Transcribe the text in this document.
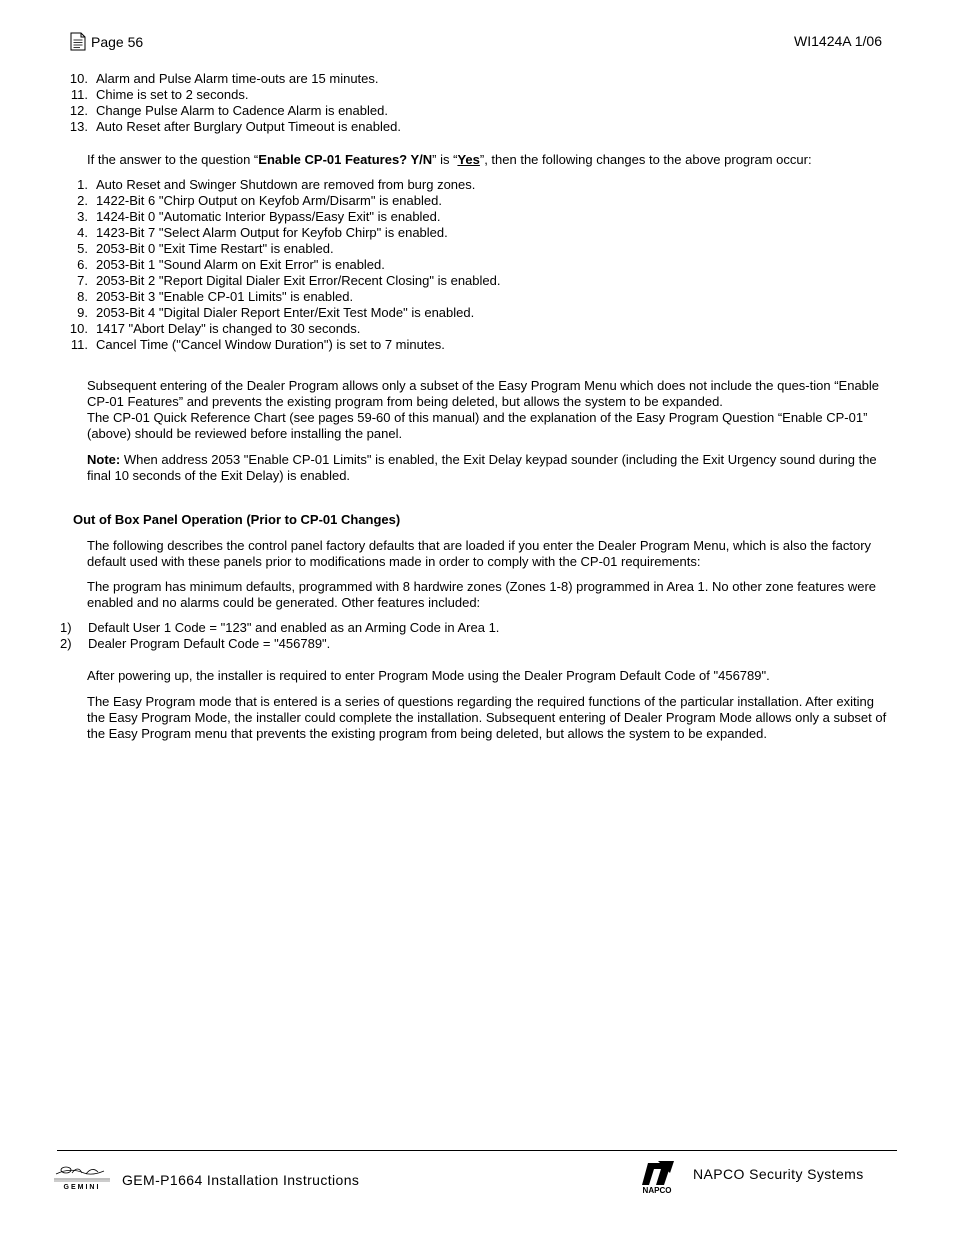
Page 56	WI1424A 1/06
10. Alarm and Pulse Alarm time-outs are 15 minutes.
11. Chime is set to 2 seconds.
12. Change Pulse Alarm to Cadence Alarm is enabled.
13. Auto Reset after Burglary Output Timeout is enabled.

If the answer to the question “Enable CP-01 Features? Y/N” is “Yes”, then the following changes to the above program occur:

1. Auto Reset and Swinger Shutdown are removed from burg zones.
2. 1422-Bit 6 "Chirp Output on Keyfob Arm/Disarm" is enabled.
3. 1424-Bit 0 "Automatic Interior Bypass/Easy Exit" is enabled.
4. 1423-Bit 7 "Select Alarm Output for Keyfob Chirp" is enabled.
5. 2053-Bit 0 "Exit Time Restart" is enabled.
6. 2053-Bit 1 "Sound Alarm on Exit Error" is enabled.
7. 2053-Bit 2 "Report Digital Dialer Exit Error/Recent Closing" is enabled.
8. 2053-Bit 3 "Enable CP-01 Limits" is enabled.
9. 2053-Bit 4 "Digital Dialer Report Enter/Exit Test Mode" is enabled.
10. 1417 "Abort Delay" is changed to 30 seconds.
11. Cancel Time ("Cancel Window Duration") is set to 7 minutes.

Subsequent entering of the Dealer Program allows only a subset of the Easy Program Menu which does not include the ques-tion “Enable CP-01 Features” and prevents the existing program from being deleted, but allows the system to be expanded.

The CP-01 Quick Reference Chart (see pages 59-60 of this manual) and the explanation of the Easy Program Question “Enable CP-01” (above) should be reviewed before installing the panel.

Note: When address 2053 "Enable CP-01 Limits" is enabled, the Exit Delay keypad sounder (including the Exit Urgency sound during the final 10 seconds of the Exit Delay) is enabled.

Out of Box Panel Operation (Prior to CP-01 Changes)

The following describes the control panel factory defaults that are loaded if you enter the Dealer Program Menu, which is also the factory default used with these panels prior to modifications made in order to comply with the CP-01 requirements:

The program has minimum defaults, programmed with 8 hardwire zones (Zones 1-8) programmed in Area 1. No other zone features were enabled and no alarms could be generated. Other features included:

1)	Default User 1 Code = "123" and enabled as an Arming Code in Area 1.
2)	Dealer Program Default Code = "456789".

After powering up, the installer is required to enter Program Mode using the Dealer Program Default Code of "456789".

The Easy Program mode that is entered is a series of questions regarding the required functions of the particular installation. After exiting the Easy Program Mode, the installer could complete the installation. Subsequent entering of Dealer Program Mode allows only a subset of the Easy Program menu that prevents the existing program from being deleted, but allows the system to be expanded.

GEMINI GEM-P1664 Installation Instructions
NAPCO
NAPCO Security Systems
